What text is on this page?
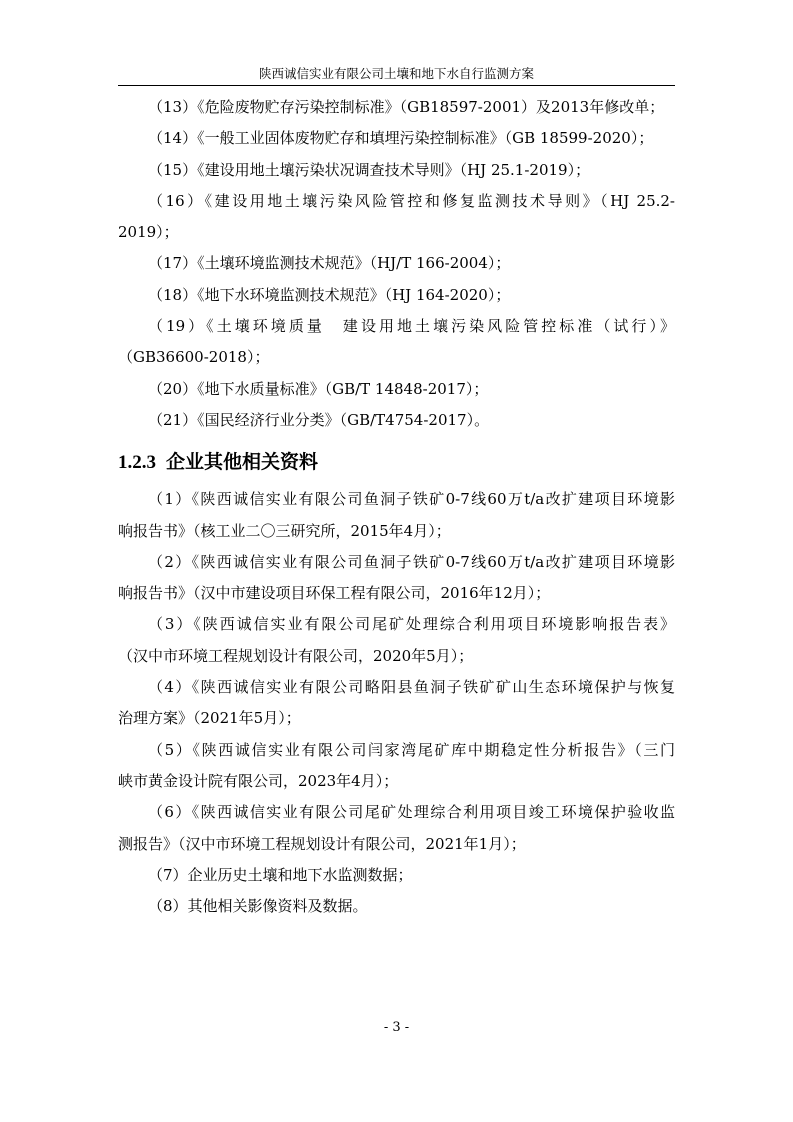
陕西诚信实业有限公司土壤和地下水自行监测方案
（13）《危险废物贮存污染控制标准》（GB18597-2001）及2013年修改单；
（14）《一般工业固体废物贮存和填埋污染控制标准》（GB 18599-2020）；
（15）《建设用地土壤污染状况调查技术导则》（HJ 25.1-2019）；
（16）《建设用地土壤污染风险管控和修复监测技术导则》（HJ 25.2-
2019）；
（17）《土壤环境监测技术规范》（HJ/T 166-2004）；
（18）《地下水环境监测技术规范》（HJ 164-2020）；
（19）《土壤环境质量　建设用地土壤污染风险管控标准（试行）》
（GB36600-2018）；
（20）《地下水质量标准》（GB/T 14848-2017）；
（21）《国民经济行业分类》（GB/T4754-2017）。
1.2.3 企业其他相关资料
（1）《陕西诚信实业有限公司鱼洞子铁矿0-7线60万t/a改扩建项目环境影
响报告书》（核工业二〇三研究所，2015年4月）；
（2）《陕西诚信实业有限公司鱼洞子铁矿0-7线60万t/a改扩建项目环境影
响报告书》（汉中市建设项目环保工程有限公司，2016年12月）；
（3）《陕西诚信实业有限公司尾矿处理综合利用项目环境影响报告表》
（汉中市环境工程规划设计有限公司，2020年5月）；
（4）《陕西诚信实业有限公司略阳县鱼洞子铁矿矿山生态环境保护与恢复
治理方案》（2021年5月）；
（5）《陕西诚信实业有限公司闫家湾尾矿库中期稳定性分析报告》（三门
峡市黄金设计院有限公司，2023年4月）；
（6）《陕西诚信实业有限公司尾矿处理综合利用项目竣工环境保护验收监
测报告》（汉中市环境工程规划设计有限公司，2021年1月）；
（7）企业历史土壤和地下水监测数据；
（8）其他相关影像资料及数据。
- 3 -
